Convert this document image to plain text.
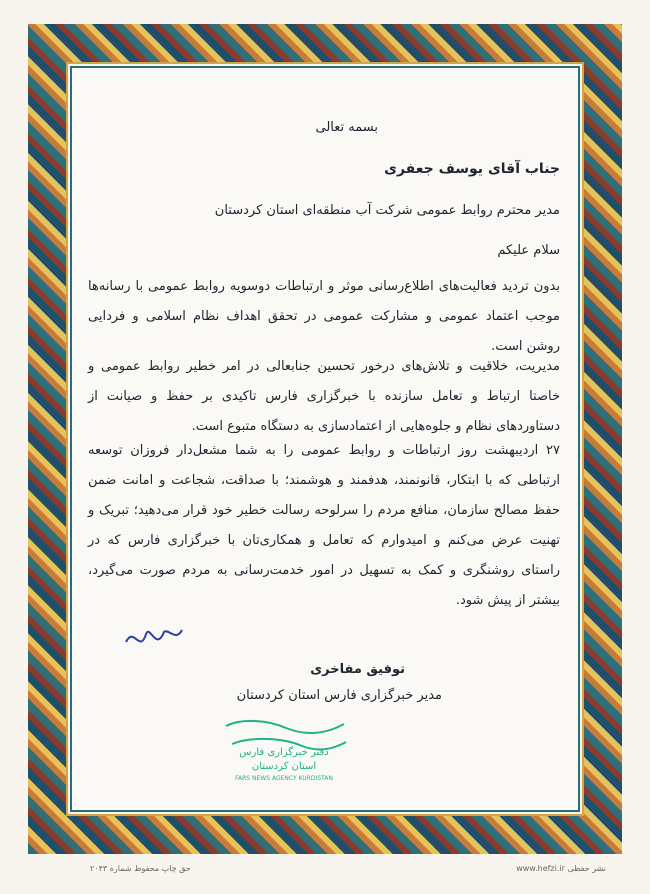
بسمه تعالی
جناب آقای یوسف جعفری
مدیر محترم روابط عمومی شرکت آب منطقه‌ای استان کردستان
سلام علیکم
بدون تردید فعالیت‌های اطلاع‌رسانی موثر و ارتباطات دوسویه روابط عمومی با رسانه‌ها موجب اعتماد عمومی و مشارکت عمومی در تحقق اهداف نظام اسلامی و فردایی روشن است.
مدیریت، خلاقیت و تلاش‌های درخور تحسین جنابعالی در امر خطیر روابط عمومی و خاصتا ارتباط و تعامل سازنده با خبرگزاری فارس تاکیدی بر حفظ و صیانت از دستاوردهای نظام و جلوه‌هایی از اعتمادسازی به دستگاه متبوع است.
۲۷ اردیبهشت روز ارتباطات و روابط عمومی را به شما مشعل‌دار فروزان توسعه ارتباطی که با ابتکار، قانونمند، هدفمند و هوشمند؛ با صداقت، شجاعت و امانت ضمن حفظ مصالح سازمان، منافع مردم را سرلوحه رسالت خطیر خود قرار می‌دهید؛ تبریک و تهنیت عرض می‌کنم و امیدوارم که تعامل و همکاری‌تان با خبرگزاری فارس که در راستای روشنگری و کمک به تسهیل در امور خدمت‌رسانی به مردم صورت می‌گیرد، بیشتر از پیش شود.
توفیق مفاخری
مدیر خبرگزاری فارس استان کردستان
دفتر خبرگزاری فارس
استان کردستان
FARS NEWS AGENCY KURDISTAN
حق چاپ محفوظ شماره ۲۰۴۳	www.hefzi.ir نشر حفظی
